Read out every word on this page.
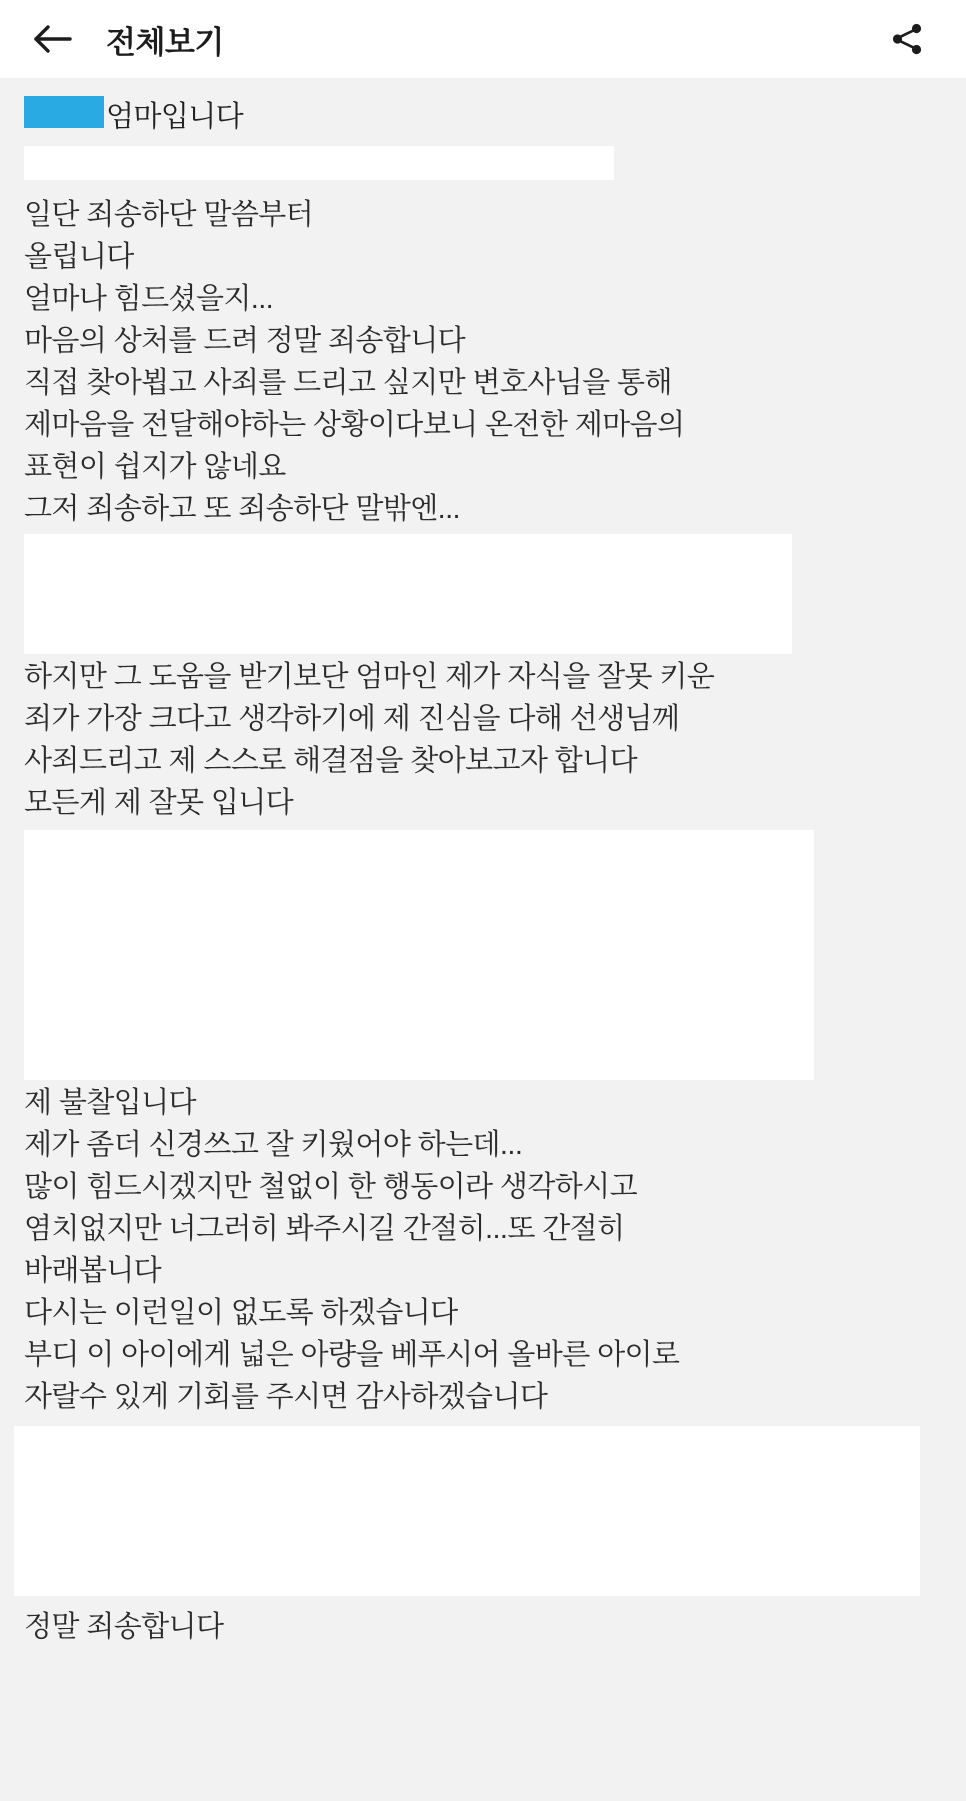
전체보기
엄마입니다
일단 죄송하단 말씀부터
올립니다
얼마나 힘드셨을지...
마음의 상처를 드려 정말 죄송합니다
직접 찾아뵙고 사죄를 드리고 싶지만 변호사님을 통해
제마음을 전달해야하는 상황이다보니 온전한 제마음의
표현이 쉽지가 않네요
그저 죄송하고 또 죄송하단 말밖엔...
하지만 그 도움을 받기보단 엄마인 제가 자식을 잘못 키운
죄가 가장 크다고 생각하기에 제 진심을 다해 선생님께
사죄드리고 제 스스로 해결점을 찾아보고자 합니다
모든게 제 잘못 입니다
제 불찰입니다
제가 좀더 신경쓰고 잘 키웠어야 하는데...
많이 힘드시겠지만 철없이 한 행동이라 생각하시고
염치없지만 너그러히 봐주시길 간절히...또 간절히
바래봅니다
다시는 이런일이 없도록 하겠습니다
부디 이 아이에게 넓은 아량을 베푸시어 올바른 아이로
자랄수 있게 기회를 주시면 감사하겠습니다
정말 죄송합니다
